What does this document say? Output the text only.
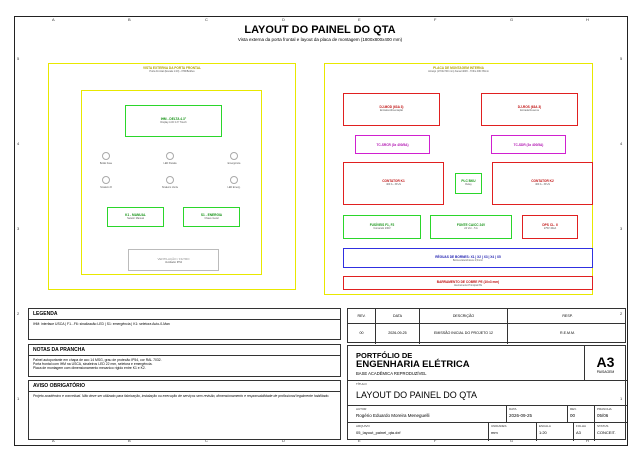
A
A
B
B
C
C
D
D
E
E
F
F
G
G
H
H
5	5
4	4
3	3
2	2
1	1
LAYOUT DO PAINEL DO QTA
Vista externa da porta frontal e layout da placa de montagem (1800x800x400 mm)
VISTA EXTERNA DA PORTA FRONTAL
Porta Frontal (Escala 1:20) - IHM/Botões
IHM - DELTA 4.3"
Display LCD 4.3" Touch
Botão Fase
Sinaleiro R
LED Parada
Sinaleiro Verde
Emergência
LED Emerg.
K1 - MANUAL
Seletor Manual
S1 - ENERGIA
Chave Geral
VENTILAÇÃO / FILTRO
Ventilador IP54
PLACA DE MONTAGEM INTERNA
Arranjo (1700x700 mm) Kanal 400V - Trilho DIN 35mm
DJ-MOD (63A 3)
Entrada Alimentação
DJ-ROS (63A 3)
Entrada Reserva
TC-SRCR (3x 400/5A)	TC-SDR (3x 400/5A)
CONTATOR K1
400 A - 3P+N
PLC BKU
Relay
CONTATOR K2
400 A - 3P+N
FUSÍVEIS F1, F2
Comando 230V
FONTE CA/CC 24V
24 Vcc - 5 A
DPS CL. II
275V 40kA
RÉGUAS DE BORNES: X1 | X2 | X3 | X4 | X5
Bornes Eletrônicos 2,5mm²
BARRAMENTO DE COBRE PE (10x3 mm)
Aterramento Principal PE
LEGENDA
IHM: interface USCA | F1...F6: sinalizacão LED | S1: emergência | K1: seletora Auto-0-Man
NOTAS DA PRANCHA
Painel autoportante em chapa de aco 14 MSG, grau de protecão IP54, cor RAL 7032.
Porta frontal com IHM na USCA, sinaleiros LED 22 mm, seletora e emergência.
Placa de montagem com dimensionamento mecanico rígido entre K1 e K2.
AVISO OBRIGATÓRIO
Projeto acadêmico e conceitual. Não deve ser utilizado para fabricação, instalação ou execução de serviços sem revisão, dimensionamento e responsabilidade de profissional legalmente habilitado.
REV.	DATA	DESCRIÇÃO	RESP.
00	2026-09-25	EMISSÃO INICIAL DO PROJETO 12	R.E.M.M.
PORTFÓLIO DE
ENGENHARIA ELÉTRICA
BASE ACADÊMICA REPRODUZÍVEL
A3
PAISAGEM
TÍTULO
LAYOUT DO PAINEL DO QTA
AUTOR
Rogério Eduardo Moreira Meneguelli
DATA
2026-09-25
REV.
00
PRANCHA
05/06
ARQUIVO
05_layout_painel_qta.dxf
UNIDADES
mm
ESCALA
1:20
FOLHA
A3
STATUS
CONCEIT.
